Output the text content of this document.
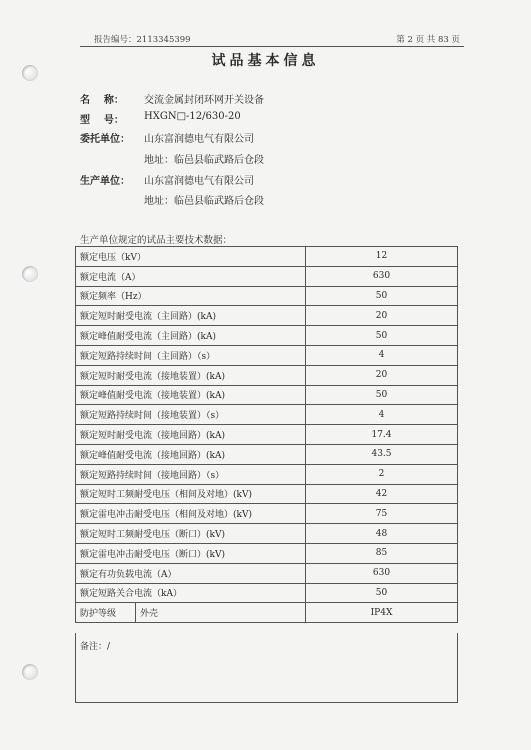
报告编号：2113345399	第 2 页 共 83 页
试品基本信息
名    称： 交流金属封闭环网开关设备
型    号： HXGN□-12/630-20
委托单位： 山东富润德电气有限公司
地址：临邑县临武路后仓段
生产单位： 山东富润德电气有限公司
地址：临邑县临武路后仓段
生产单位规定的试品主要技术数据：
额定电压（kV）		12
额定电流（A）		630
额定频率（Hz）		50
额定短时耐受电流（主回路）(kA)		20
额定峰值耐受电流（主回路）(kA)		50
额定短路持续时间（主回路）（s）		4
额定短时耐受电流（接地装置）(kA)		20
额定峰值耐受电流（接地装置）(kA)		50
额定短路持续时间（接地装置）（s）		4
额定短时耐受电流（接地回路）(kA)		17.4
额定峰值耐受电流（接地回路）(kA)		43.5
额定短路持续时间（接地回路）（s）		2
额定短时工频耐受电压（相间及对地）(kV)		42
额定雷电冲击耐受电压（相间及对地）(kV)		75
额定短时工频耐受电压（断口）(kV)		48
额定雷电冲击耐受电压（断口）(kV)		85
额定有功负载电流（A）		630
额定短路关合电流（kA）		50
防护等级	外壳	IP4X
备注：/
